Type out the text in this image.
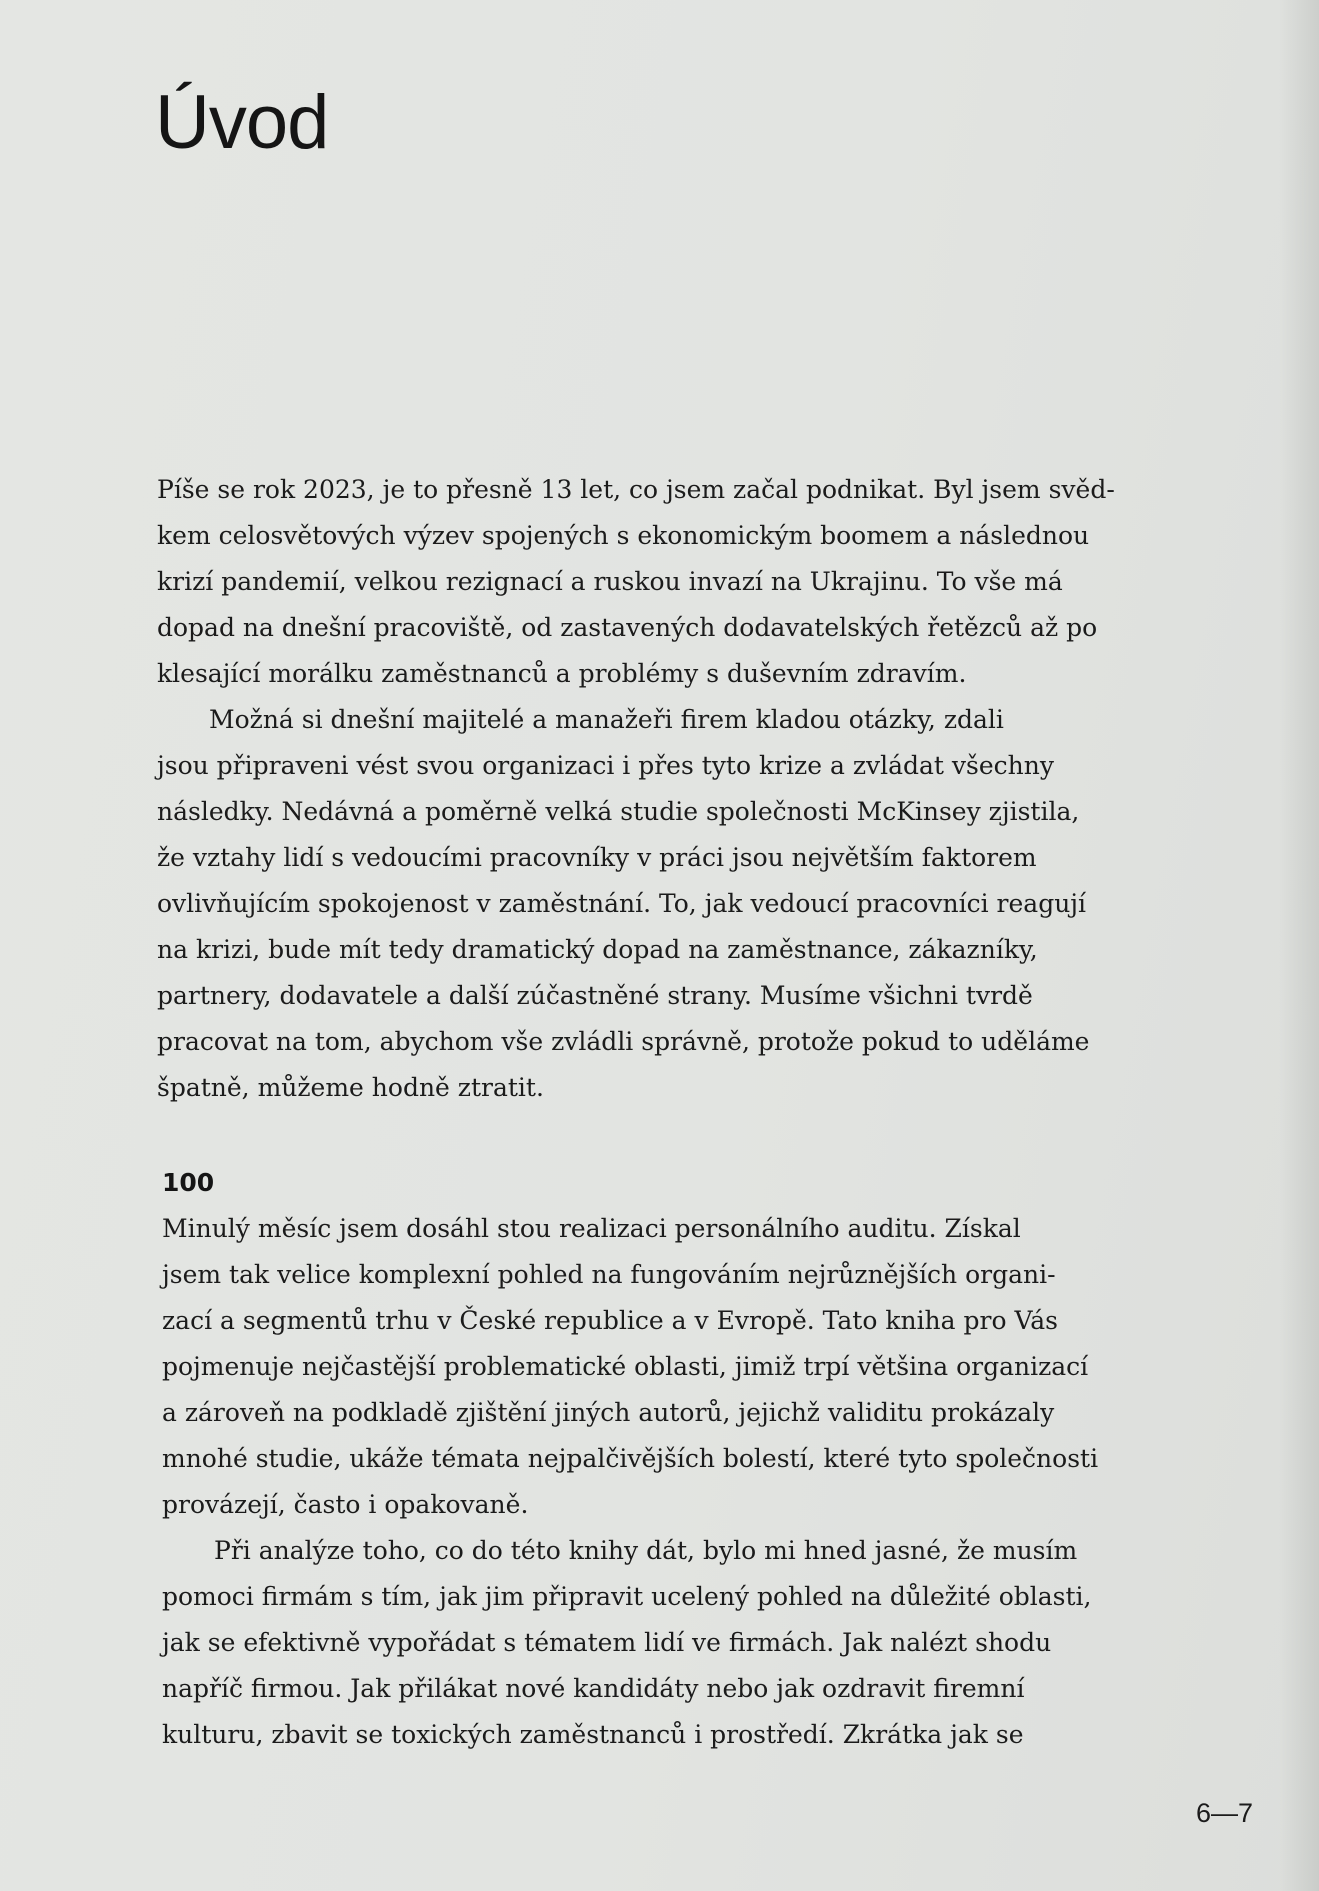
Úvod

Píše se rok 2023, je to přesně 13 let, co jsem začal podnikat. Byl jsem svěd-

kem celosvětových výzev spojených s ekonomickým boomem a následnou

krizí pandemií, velkou rezignací a ruskou invazí na Ukrajinu. To vše má

dopad na dnešní pracoviště, od zastavených dodavatelských řetězců až po

klesající morálku zaměstnanců a problémy s duševním zdravím.

Možná si dnešní majitelé a manažeři firem kladou otázky, zdali

jsou připraveni vést svou organizaci i přes tyto krize a zvládat všechny

následky. Nedávná a poměrně velká studie společnosti McKinsey zjistila,

že vztahy lidí s vedoucími pracovníky v práci jsou největším faktorem

ovlivňujícím spokojenost v zaměstnání. To, jak vedoucí pracovníci reagují

na krizi, bude mít tedy dramatický dopad na zaměstnance, zákazníky,

partnery, dodavatele a další zúčastněné strany. Musíme všichni tvrdě

pracovat na tom, abychom vše zvládli správně, protože pokud to uděláme

špatně, můžeme hodně ztratit.

100

Minulý měsíc jsem dosáhl stou realizaci personálního auditu. Získal

jsem tak velice komplexní pohled na fungováním nejrůznějších organi-

zací a segmentů trhu v České republice a v Evropě. Tato kniha pro Vás

pojmenuje nejčastější problematické oblasti, jimiž trpí většina organizací

a zároveň na podkladě zjištění jiných autorů, jejichž validitu prokázaly

mnohé studie, ukáže témata nejpalčivějších bolestí, které tyto společnosti

provázejí, často i opakovaně.

Při analýze toho, co do této knihy dát, bylo mi hned jasné, že musím

pomoci firmám s tím, jak jim připravit ucelený pohled na důležité oblasti,

jak se efektivně vypořádat s tématem lidí ve firmách. Jak nalézt shodu

napříč firmou. Jak přilákat nové kandidáty nebo jak ozdravit firemní

kulturu, zbavit se toxických zaměstnanců i prostředí. Zkrátka jak se

6—7
